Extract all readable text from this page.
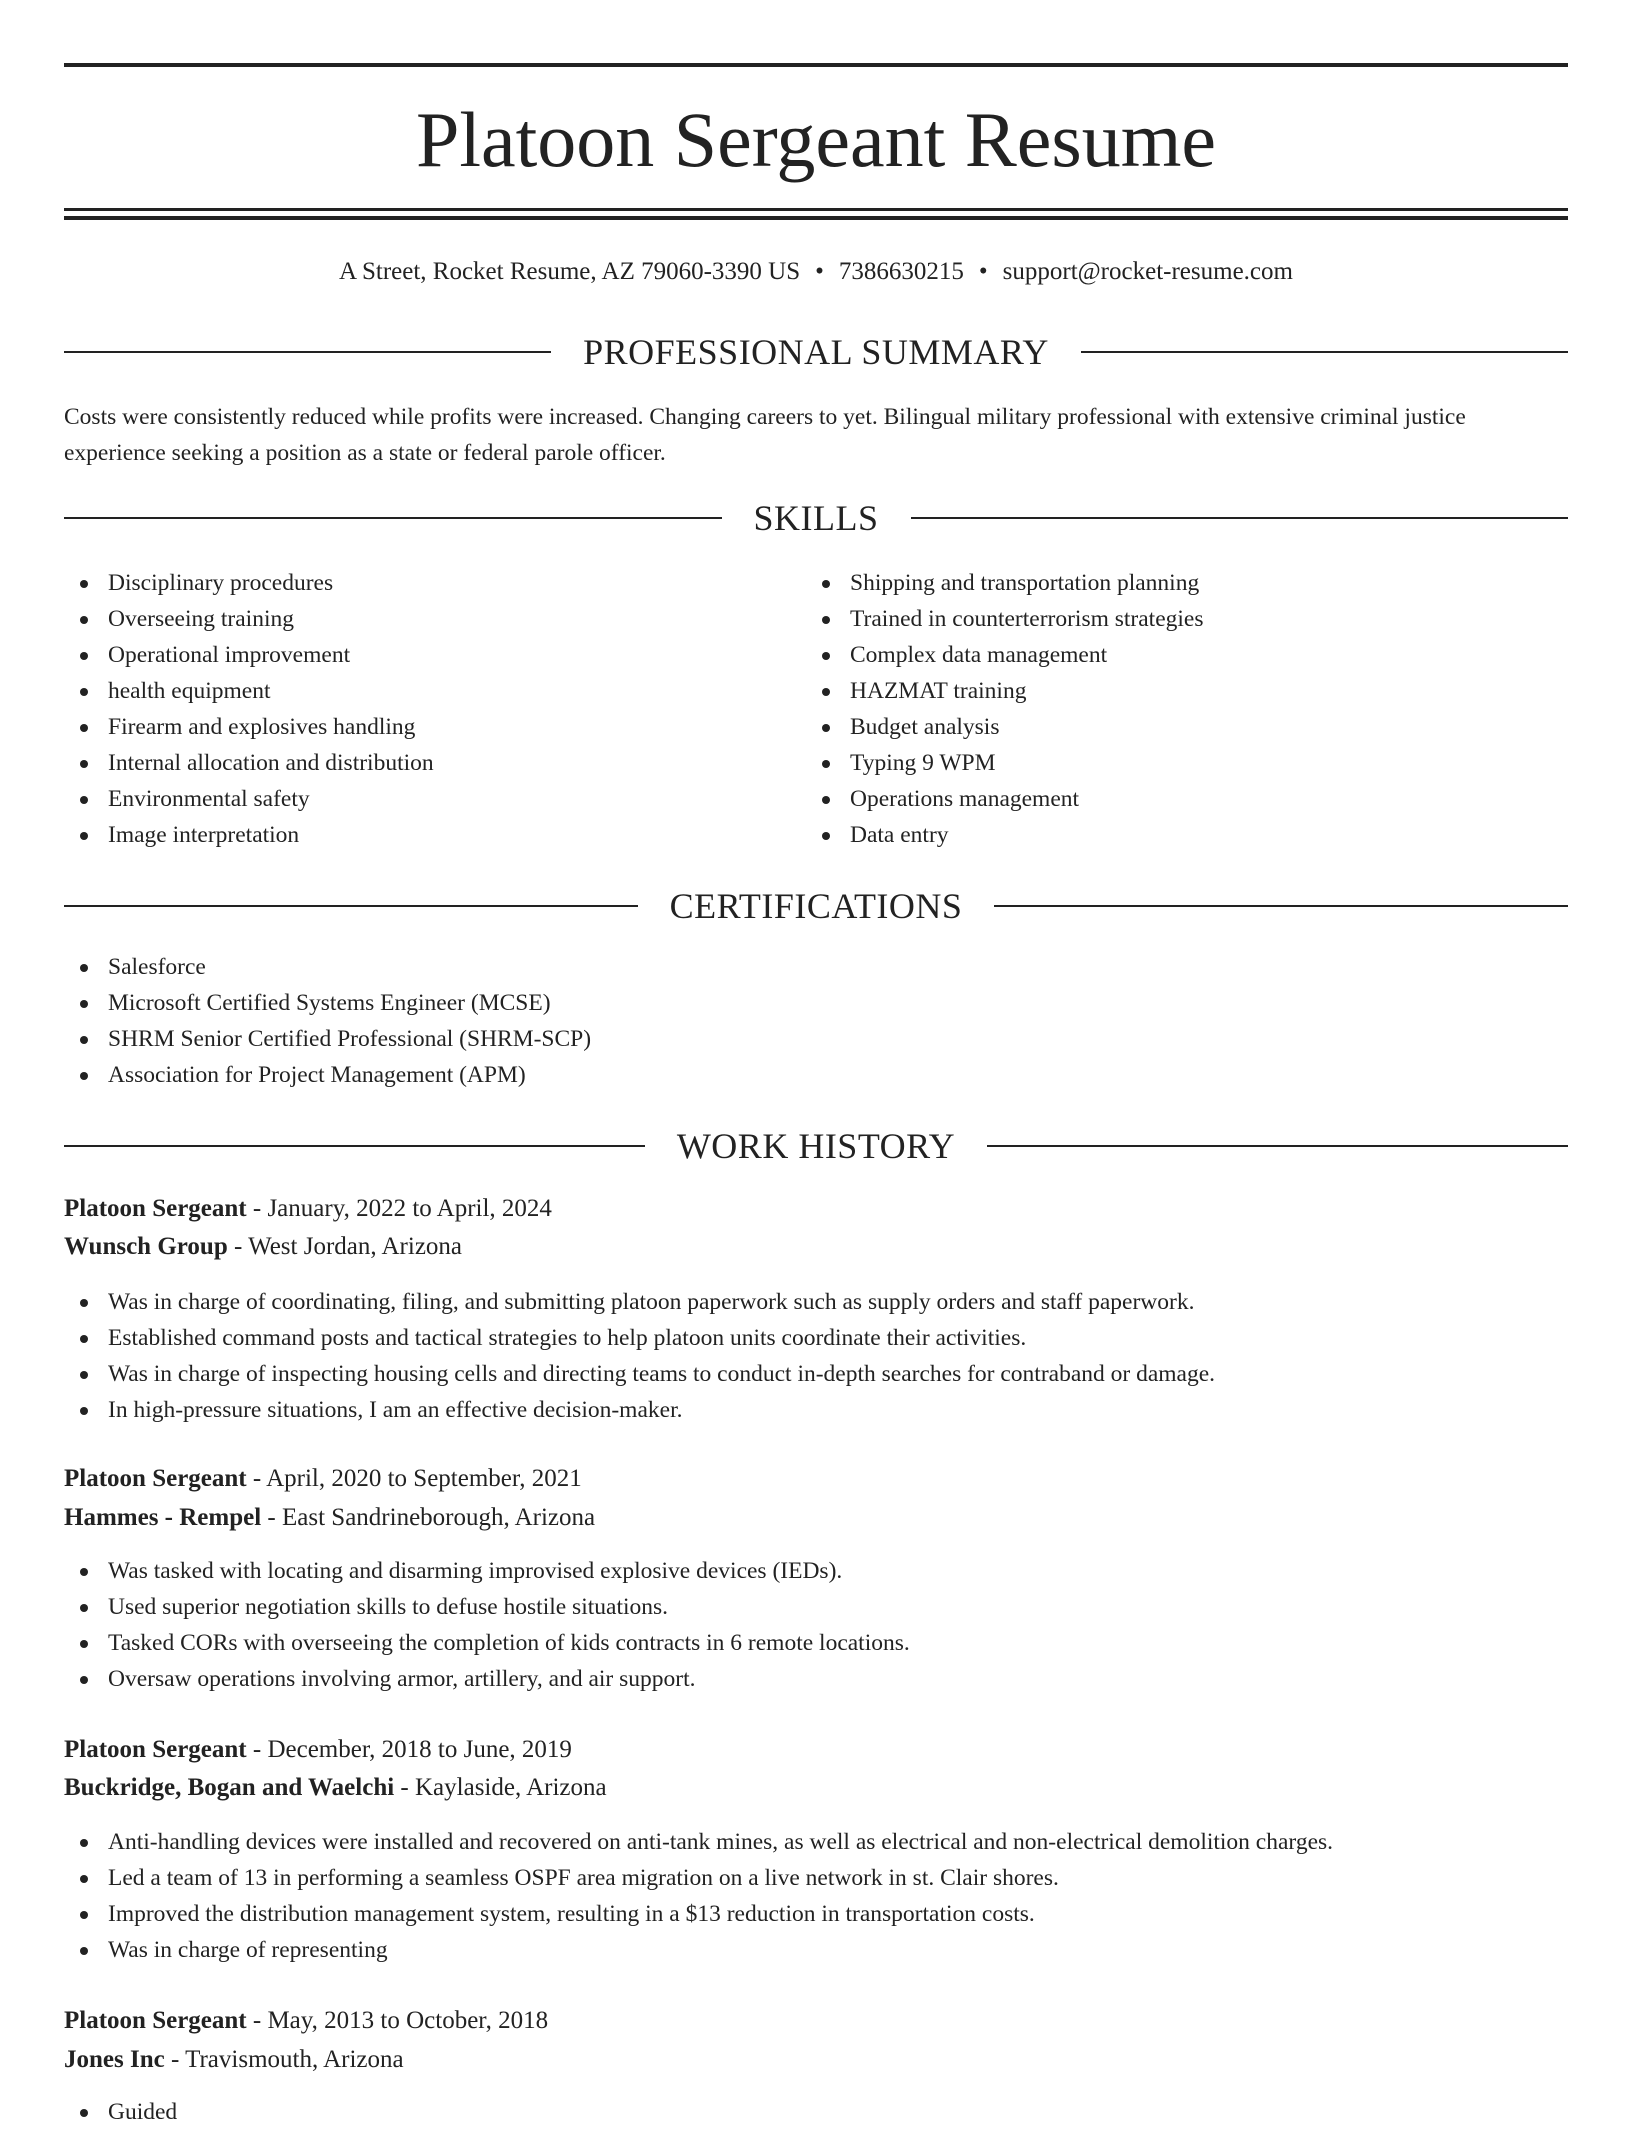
Platoon Sergeant Resume
A Street, Rocket Resume, AZ 79060-3390 US • 7386630215 • support@rocket-resume.com
PROFESSIONAL SUMMARY

Costs were consistently reduced while profits were increased. Changing careers to yet. Bilingual military professional with extensive criminal justice experience seeking a position as a state or federal parole officer.

SKILLS
Disciplinary procedures
Overseeing training
Operational improvement
health equipment
Firearm and explosives handling
Internal allocation and distribution
Environmental safety
Image interpretation
Shipping and transportation planning
Trained in counterterrorism strategies
Complex data management
HAZMAT training
Budget analysis
Typing 9 WPM
Operations management
Data entry
CERTIFICATIONS
Salesforce
Microsoft Certified Systems Engineer (MCSE)
SHRM Senior Certified Professional (SHRM-SCP)
Association for Project Management (APM)
WORK HISTORY
Platoon Sergeant - January, 2022 to April, 2024
Wunsch Group - West Jordan, Arizona
Was in charge of coordinating, filing, and submitting platoon paperwork such as supply orders and staff paperwork.
Established command posts and tactical strategies to help platoon units coordinate their activities.
Was in charge of inspecting housing cells and directing teams to conduct in-depth searches for contraband or damage.
In high-pressure situations, I am an effective decision-maker.
Platoon Sergeant - April, 2020 to September, 2021
Hammes - Rempel - East Sandrineborough, Arizona
Was tasked with locating and disarming improvised explosive devices (IEDs).
Used superior negotiation skills to defuse hostile situations.
Tasked CORs with overseeing the completion of kids contracts in 6 remote locations.
Oversaw operations involving armor, artillery, and air support.
Platoon Sergeant - December, 2018 to June, 2019
Buckridge, Bogan and Waelchi - Kaylaside, Arizona
Anti-handling devices were installed and recovered on anti-tank mines, as well as electrical and non-electrical demolition charges.
Led a team of 13 in performing a seamless OSPF area migration on a live network in st. Clair shores.
Improved the distribution management system, resulting in a $13 reduction in transportation costs.
Was in charge of representing
Platoon Sergeant - May, 2013 to October, 2018
Jones Inc - Travismouth, Arizona
Guided
